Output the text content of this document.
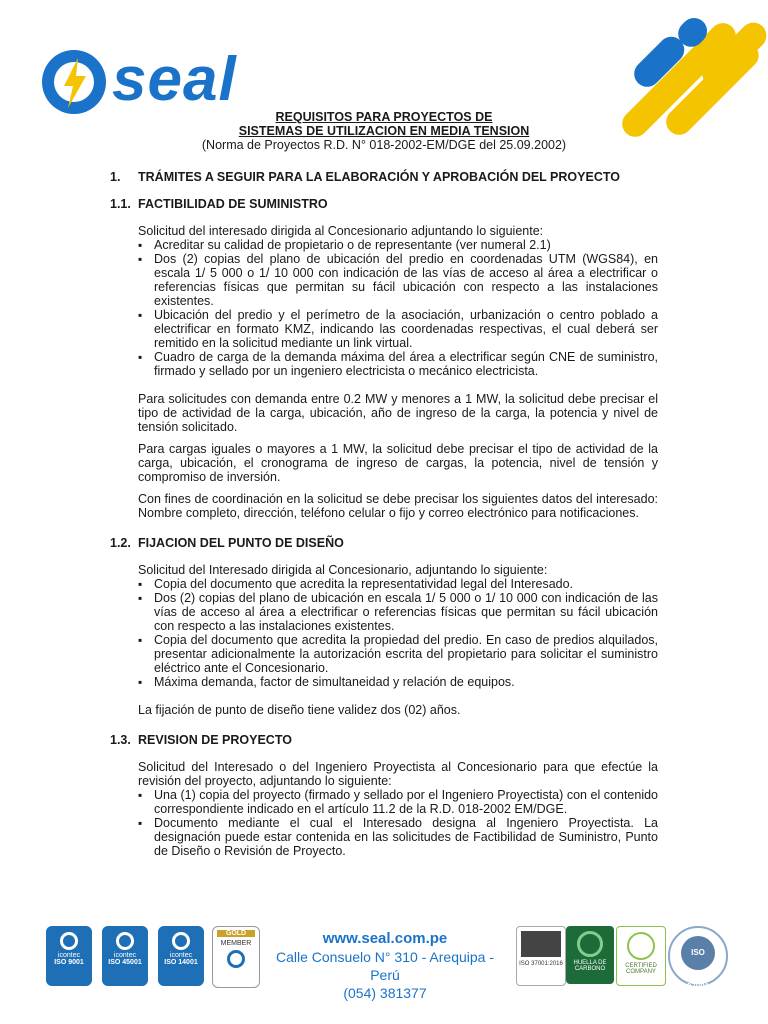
seal
REQUISITOS PARA PROYECTOS DE
SISTEMAS DE UTILIZACION EN MEDIA TENSION
(Norma de Proyectos R.D. N° 018-2002-EM/DGE del 25.09.2002)
1. TRÁMITES A SEGUIR PARA LA ELABORACIÓN Y APROBACIÓN DEL PROYECTO
1.1. FACTIBILIDAD DE SUMINISTRO
Solicitud del interesado dirigida al Concesionario adjuntando lo siguiente:
▪ Acreditar su calidad de propietario o de representante (ver numeral 2.1)
▪ Dos (2) copias del plano de ubicación del predio en coordenadas UTM (WGS84), en escala 1/ 5 000 o 1/ 10 000 con indicación de las vías de acceso al área a electrificar o referencias físicas que permitan su fácil ubicación con respecto a las instalaciones existentes.
▪ Ubicación del predio y el perímetro de la asociación, urbanización o centro poblado a electrificar en formato KMZ, indicando las coordenadas respectivas, el cual deberá ser remitido en la solicitud mediante un link virtual.
▪ Cuadro de carga de la demanda máxima del área a electrificar según CNE de suministro, firmado y sellado por un ingeniero electricista o mecánico electricista.

Para solicitudes con demanda entre 0.2 MW y menores a 1 MW, la solicitud debe precisar el tipo de actividad de la carga, ubicación, año de ingreso de la carga, la potencia y nivel de tensión solicitado.

Para cargas iguales o mayores a 1 MW, la solicitud debe precisar el tipo de actividad de la carga, ubicación, el cronograma de ingreso de cargas, la potencia, nivel de tensión y compromiso de inversión.

Con fines de coordinación en la solicitud se debe precisar los siguientes datos del interesado: Nombre completo, dirección, teléfono celular o fijo y correo electrónico para notificaciones.

1.2. FIJACION DEL PUNTO DE DISEÑO
Solicitud del Interesado dirigida al Concesionario, adjuntando lo siguiente:
▪ Copia del documento que acredita la representatividad legal del Interesado.
▪ Dos (2) copias del plano de ubicación en escala 1/ 5 000 o 1/ 10 000 con indicación de las vías de acceso al área a electrificar o referencias físicas que permitan su fácil ubicación con respecto a las instalaciones existentes.
▪ Copia del documento que acredita la propiedad del predio. En caso de predios alquilados, presentar adicionalmente la autorización escrita del propietario para solicitar el suministro eléctrico ante el Concesionario.
▪ Máxima demanda, factor de simultaneidad y relación de equipos.

La fijación de punto de diseño tiene validez dos (02) años.

1.3. REVISION DE PROYECTO
Solicitud del Interesado o del Ingeniero Proyectista al Concesionario para que efectúe la revisión del proyecto, adjuntando lo siguiente:
▪ Una (1) copia del proyecto (firmado y sellado por el Ingeniero Proyectista) con el contenido correspondiente indicado en el artículo 11.2 de la R.D. 018-2002 EM/DGE.
▪ Documento mediante el cual el Interesado designa al Ingeniero Proyectista. La designación puede estar contenida en las solicitudes de Factibilidad de Suministro, Punto de Diseño o Revisión de Proyecto.
icontec
ISO 9001
icontec
ISO 45001
icontec
ISO 14001
GOLD
MEMBER	www.seal.com.pe
Calle Consuelo N° 310 - Arequipa - Perú
(054) 381377
ISO 37001:2016	HUELLA DE CARBONO	CERTIFIED COMPANY
ISO 27001
